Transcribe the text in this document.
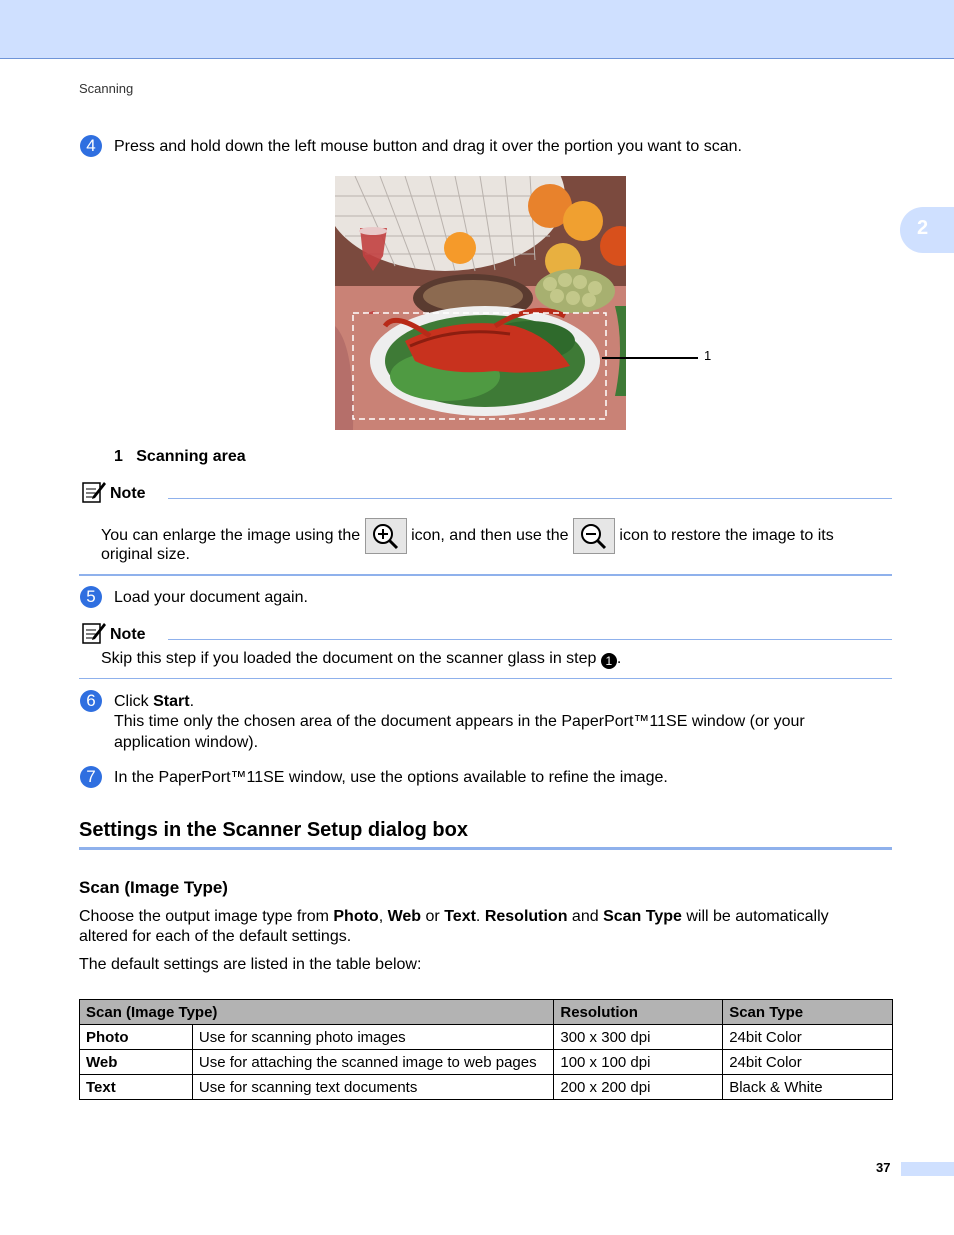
Scanning
2
4	Press and hold down the left mouse button and drag it over the portion you want to scan.
1
1 Scanning area
Note
You can enlarge the image using the	icon, and then use the	icon to restore the image to its
original size.
5	Load your document again.
Note
Skip this step if you loaded the document on the scanner glass in step 1 .
6	Click Start.
This time only the chosen area of the document appears in the PaperPort™11SE window (or your
application window).
7	In the PaperPort™11SE window, use the options available to refine the image.
Settings in the Scanner Setup dialog box
Scan (Image Type)
Choose the output image type from Photo, Web or Text. Resolution and Scan Type will be automatically
altered for each of the default settings.
The default settings are listed in the table below:
Scan (Image Type)		Resolution	Scan Type
Photo	Use for scanning photo images	300 x 300 dpi	24bit Color
Web	Use for attaching the scanned image to web pages	100 x 100 dpi	24bit Color
Text	Use for scanning text documents	200 x 200 dpi	Black & White
37
